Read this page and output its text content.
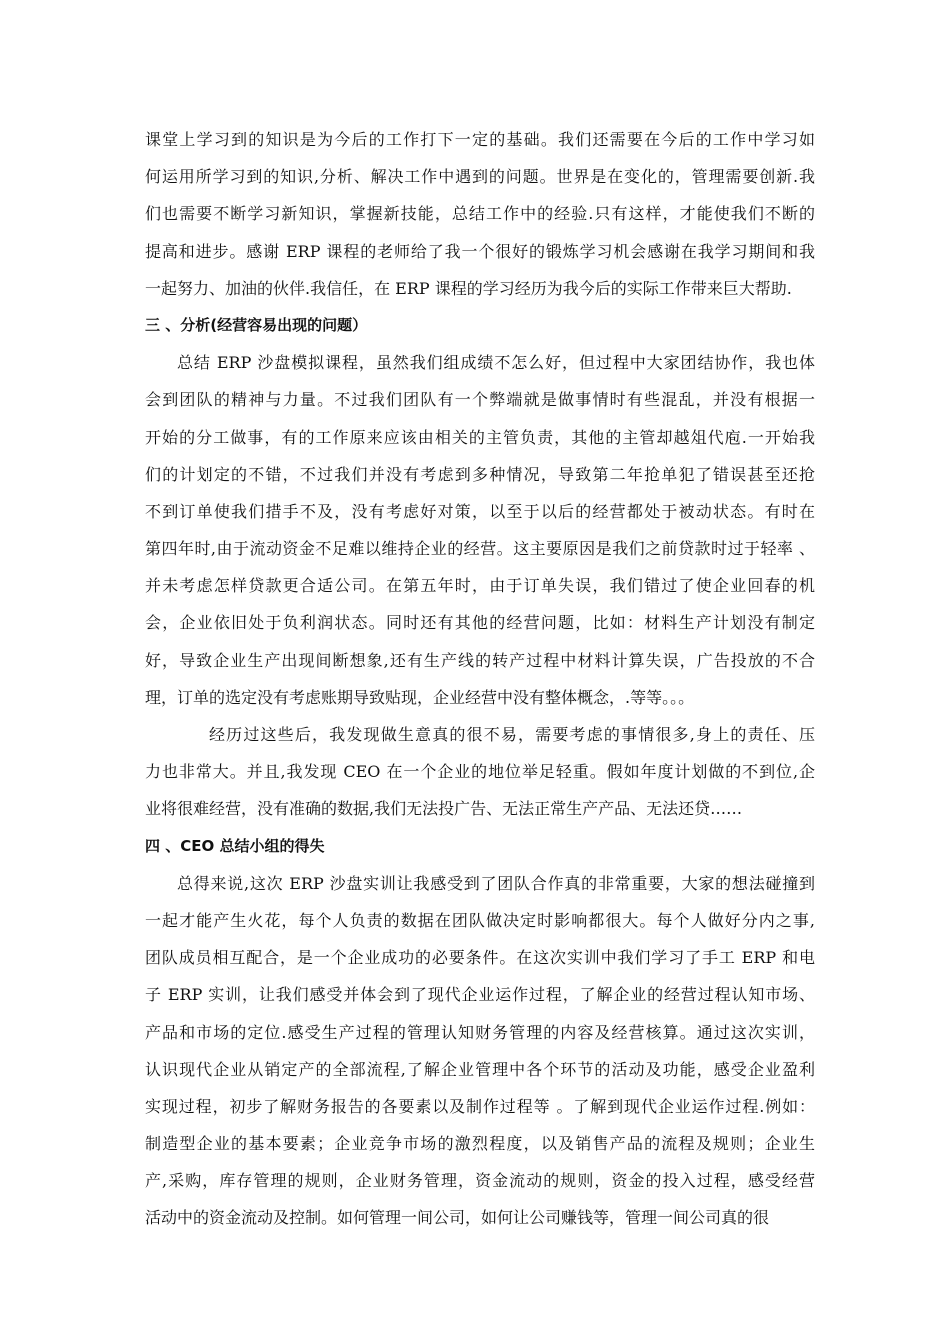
课堂上学习到的知识是为今后的工作打下一定的基础。我们还需要在今后的工作中学习如
何运用所学习到的知识,分析、解决工作中遇到的问题。世界是在变化的，管理需要创新.我
们也需要不断学习新知识，掌握新技能，总结工作中的经验.只有这样，才能使我们不断的
提高和进步。感谢 ERP 课程的老师给了我一个很好的锻炼学习机会感谢在我学习期间和我
一起努力、加油的伙伴.我信任，在 ERP 课程的学习经历为我今后的实际工作带来巨大帮助.
三 、分析(经营容易出现的问题）
总结 ERP 沙盘模拟课程，虽然我们组成绩不怎么好，但过程中大家团结协作，我也体
会到团队的精神与力量。不过我们团队有一个弊端就是做事情时有些混乱，并没有根据一
开始的分工做事，有的工作原来应该由相关的主管负责，其他的主管却越俎代庖.一开始我
们的计划定的不错，不过我们并没有考虑到多种情况，导致第二年抢单犯了错误甚至还抢
不到订单使我们措手不及，没有考虑好对策，以至于以后的经营都处于被动状态。有时在
第四年时,由于流动资金不足难以维持企业的经营。这主要原因是我们之前贷款时过于轻率 、
并未考虑怎样贷款更合适公司。在第五年时，由于订单失误，我们错过了使企业回春的机
会，企业依旧处于负利润状态。同时还有其他的经营问题，比如：材料生产计划没有制定
好，导致企业生产出现间断想象,还有生产线的转产过程中材料计算失误，广告投放的不合
理，订单的选定没有考虑账期导致贴现，企业经营中没有整体概念，.等等。。。
经历过这些后，我发现做生意真的很不易，需要考虑的事情很多,身上的责任、压
力也非常大。并且,我发现 CEO 在一个企业的地位举足轻重。假如年度计划做的不到位,企
业将很难经营，没有准确的数据,我们无法投广告、无法正常生产产品、无法还贷……
四 、CEO 总结小组的得失
总得来说,这次 ERP 沙盘实训让我感受到了团队合作真的非常重要，大家的想法碰撞到
一起才能产生火花，每个人负责的数据在团队做决定时影响都很大。每个人做好分内之事,
团队成员相互配合，是一个企业成功的必要条件。在这次实训中我们学习了手工 ERP 和电
子 ERP 实训，让我们感受并体会到了现代企业运作过程，了解企业的经营过程认知市场、
产品和市场的定位.感受生产过程的管理认知财务管理的内容及经营核算。通过这次实训，
认识现代企业从销定产的全部流程,了解企业管理中各个环节的活动及功能，感受企业盈利
实现过程，初步了解财务报告的各要素以及制作过程等 。了解到现代企业运作过程.例如：
制造型企业的基本要素；企业竞争市场的激烈程度，以及销售产品的流程及规则；企业生
产,采购，库存管理的规则，企业财务管理，资金流动的规则，资金的投入过程，感受经营
活动中的资金流动及控制。如何管理一间公司，如何让公司赚钱等，管理一间公司真的很
